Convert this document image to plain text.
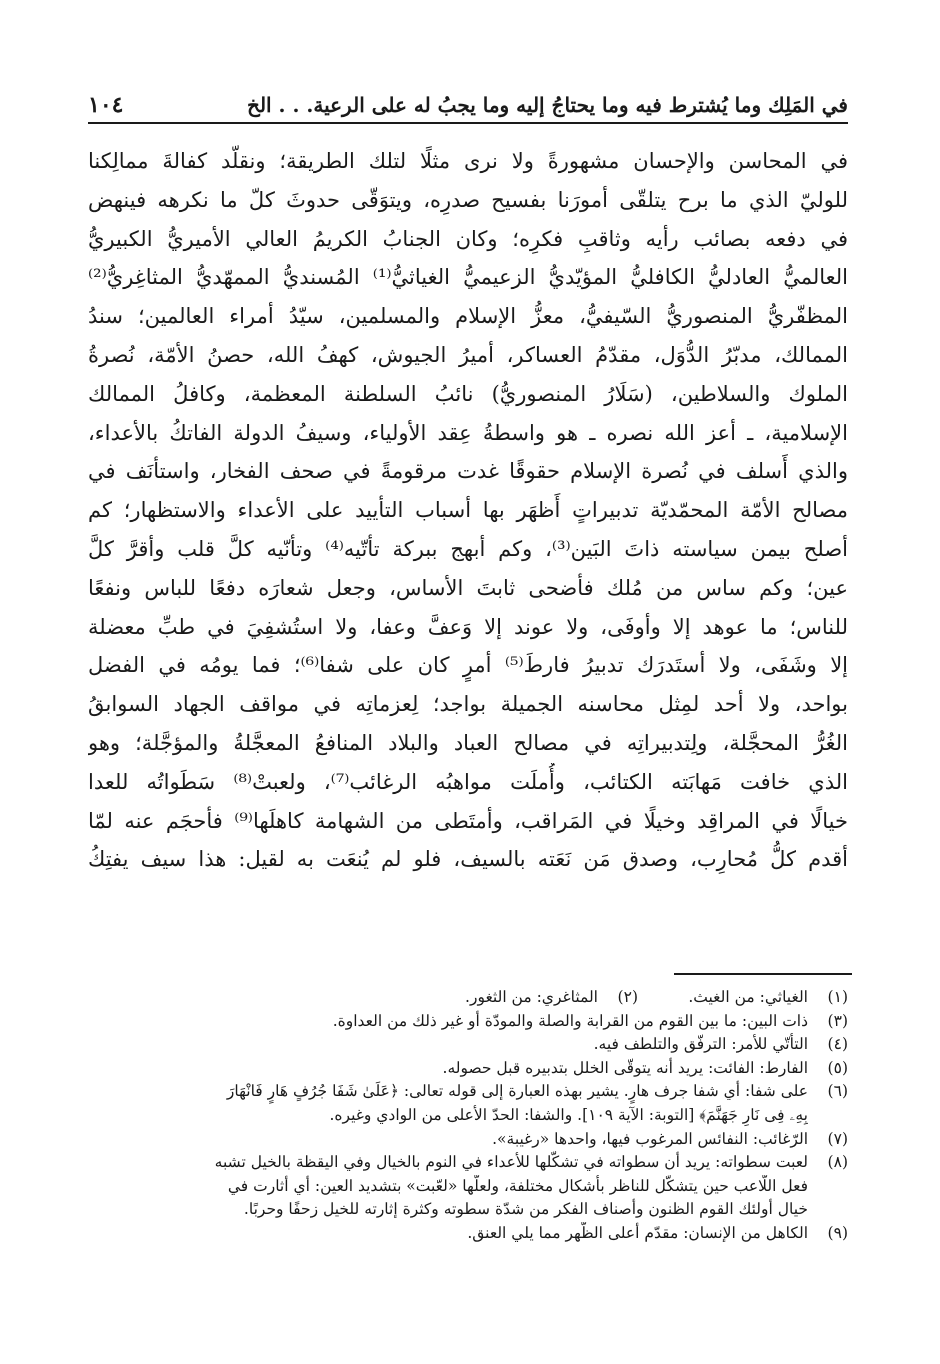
في المَلِك وما يُشترط فيه وما يحتاجُ إليه وما يجبُ له على الرعية. . . الخ
١٠٤
في المحاسن والإحسان مشهورةً ولا نرى مثلًا لتلك الطريقة؛ ونقلّد كفالةَ ممالِكنا
للوليّ الذي ما برح يتلقّى أمورَنا بفسيح صدرِه، ويتوَقّى حدوثَ كلّ ما نكرهه فينهض
في دفعه بصائب رأيه وثاقبِ فكرِه؛ وكان الجنابُ الكريمُ العالي الأميريُّ الكبيريُّ
العالميُّ العادليُّ الكافليُّ المؤيّديُّ الزعيميُّ الغياثيُّ⁽¹⁾ المُسنديُّ الممهّديُّ المثاغِريُّ⁽²⁾
المظفّريُّ المنصوريُّ السّيفيُّ، معزُّ الإسلام والمسلمين، سيّدُ أمراء العالمين؛ سندُ
الممالك، مدبّرُ الدُّوَل، مقدّمُ العساكر، أميرُ الجيوش، كهفُ الله، حصنُ الأمّة، نُصرةُ
الملوك والسلاطين، (سَلَارُ المنصوريُّ) نائبُ السلطنة المعظمة، وكافلُ الممالك
الإسلامية، ـ أعز الله نصره ـ هو واسطةُ عِقد الأولياء، وسيفُ الدولة الفاتكُ بالأعداء،
والذي أَسلف في نُصرة الإسلام حقوقًا غدت مرقومةً في صحف الفخار، واستأنَف في
مصالح الأمّة المحمّديّة تدبيراتٍ أَظهَر بها أسباب التأييد على الأعداء والاستظهار؛ كم
أصلح بيمن سياسته ذاتَ البَين⁽³⁾، وكم أبهج ببركة تأتّيه⁽⁴⁾ وتأنّيه كلَّ قلب وأقرَّ كلَّ
عين؛ وكم ساس من مُلك فأضحى ثابتَ الأساس، وجعل شعارَه دفعًا للباس ونفعًا
للناس؛ ما عوهد إلا وأوفَى، ولا عوند إلا وَعفَّ وعفا، ولا استُشفِيَ في طبِّ معضلة
إلا وشَفَى، ولا أستَدرَك تدبيرُ فارطَ⁽⁵⁾ أمرٍ كان على شفا⁽⁶⁾؛ فما يومُه في الفضل
بواحد، ولا أحد لمِثل محاسنه الجميلة بواجد؛ لِعزماتِه في مواقف الجهاد السوابقُ
الغُرُّ المحجَّلة، ولِتدبيراتِه في مصالح العباد والبلاد المنافعُ المعجَّلةُ والمؤجَّلة؛ وهو
الذي خافت مَهابَته الكتائب، وأُملَت مواهبُه الرغائب⁽⁷⁾، ولعبتْ⁽⁸⁾ سَطَواتُه للعدا
خيالًا في المراقِد وخيلًا في المَراقب، وأمتَطى من الشهامة كاهلَها⁽⁹⁾ فأحجَم عنه لمّا
أقدم كلُّ مُحارِب، وصدق مَن نَعَته بالسيف، فلو لم يُنعَت به لقيل: هذا سيف يفتِكُ
(١)
الغياثي: من الغيث.
(٢)
المثاغري: من الثغور.
(٣)
ذات البين: ما بين القوم من القرابة والصلة والمودّة أو غير ذلك من العداوة.
(٤)
التأتّي للأمر: الترفّق والتلطف فيه.
(٥)
الفارط: الفائت: يريد أنه يتوقّى الخلل بتدبيره قبل حصوله.
(٦)
على شفا: أي شفا جرف هارٍ. يشير بهذه العبارة إلى قوله تعالى: ﴿عَلَىٰ شَفَا جُرُفٍ هَارٍ فَانْهَارَ
بِهِۦ فِى نَارِ جَهَنَّمَ﴾ [التوبة: الآية ١٠٩]. والشفا: الحدّ الأعلى من الوادي وغيره.
(٧)
الرّغائب: النفائس المرغوب فيها، واحدها «رغيبة».
(٨)
لعبت سطواته: يريد أن سطواته في تشكّلها للأعداء في النوم بالخيال وفي اليقظة بالخيل تشبه
فعل اللّاعب حين يتشكّل للناظر بأشكال مختلفة، ولعلّها «لعّبت» بتشديد العين: أي أثارت في
خيال أولئك القوم الظنون وأصناف الفكر من شدّة سطوته وكثرة إثارته للخيل زحفًا وحربًا.
(٩)
الكاهل من الإنسان: مقدّم أعلى الظّهر مما يلي العنق.
